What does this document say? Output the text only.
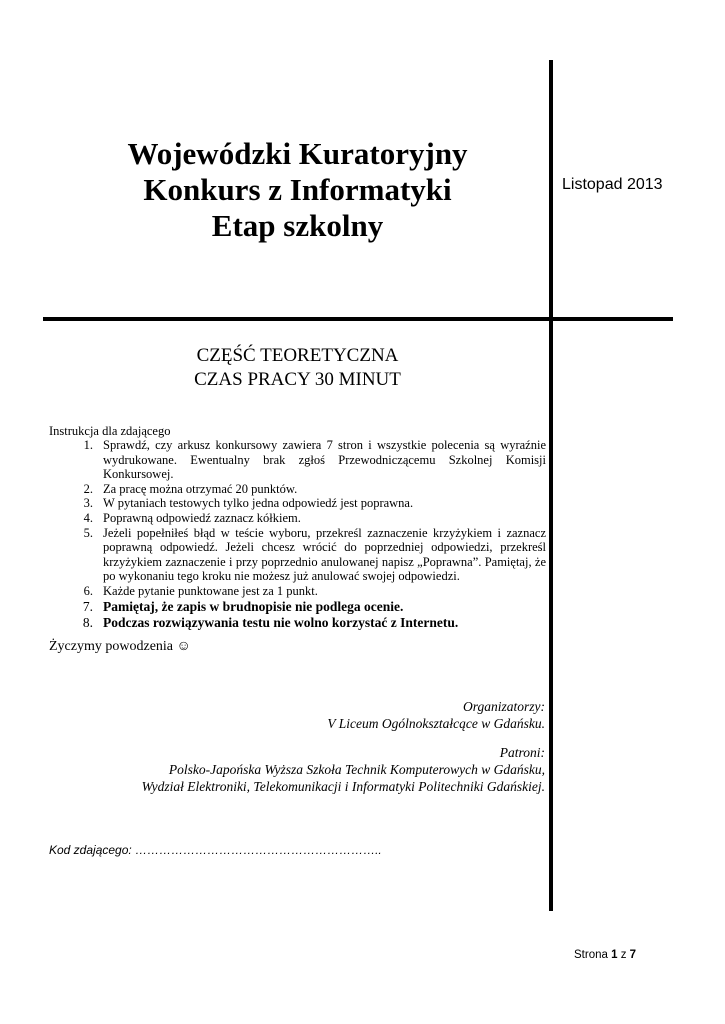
Wojewódzki Kuratoryjny
Konkurs z Informatyki
Etap szkolny
Listopad 2013
CZĘŚĆ TEORETYCZNA
CZAS PRACY 30 MINUT
Instrukcja dla zdającego
1. Sprawdź, czy arkusz konkursowy zawiera 7 stron i wszystkie polecenia są wyraźnie wydrukowane. Ewentualny brak zgłoś Przewodniczącemu Szkolnej Komisji Konkursowej.
2. Za pracę można otrzymać 20 punktów.
3. W pytaniach testowych tylko jedna odpowiedź jest poprawna.
4. Poprawną odpowiedź zaznacz kółkiem.
5. Jeżeli popełniłeś błąd w teście wyboru, przekreśl zaznaczenie krzyżykiem i zaznacz poprawną odpowiedź. Jeżeli chcesz wrócić do poprzedniej odpowiedzi, przekreśl krzyżykiem zaznaczenie i przy poprzednio anulowanej napisz „Poprawna”. Pamiętaj, że po wykonaniu tego kroku nie możesz już anulować swojej odpowiedzi.
6. Każde pytanie punktowane jest za 1 punkt.
7. Pamiętaj, że zapis w brudnopisie nie podlega ocenie.
8. Podczas rozwiązywania testu nie wolno korzystać z Internetu.
Życzymy powodzenia ☺
Organizatorzy:
V Liceum Ogólnokształcące w Gdańsku.
Patroni:
Polsko-Japońska Wyższa Szkoła Technik Komputerowych w Gdańsku,
Wydział Elektroniki, Telekomunikacji i Informatyki Politechniki Gdańskiej.
Kod zdającego: ……………………………………………………..
Strona 1 z 7
